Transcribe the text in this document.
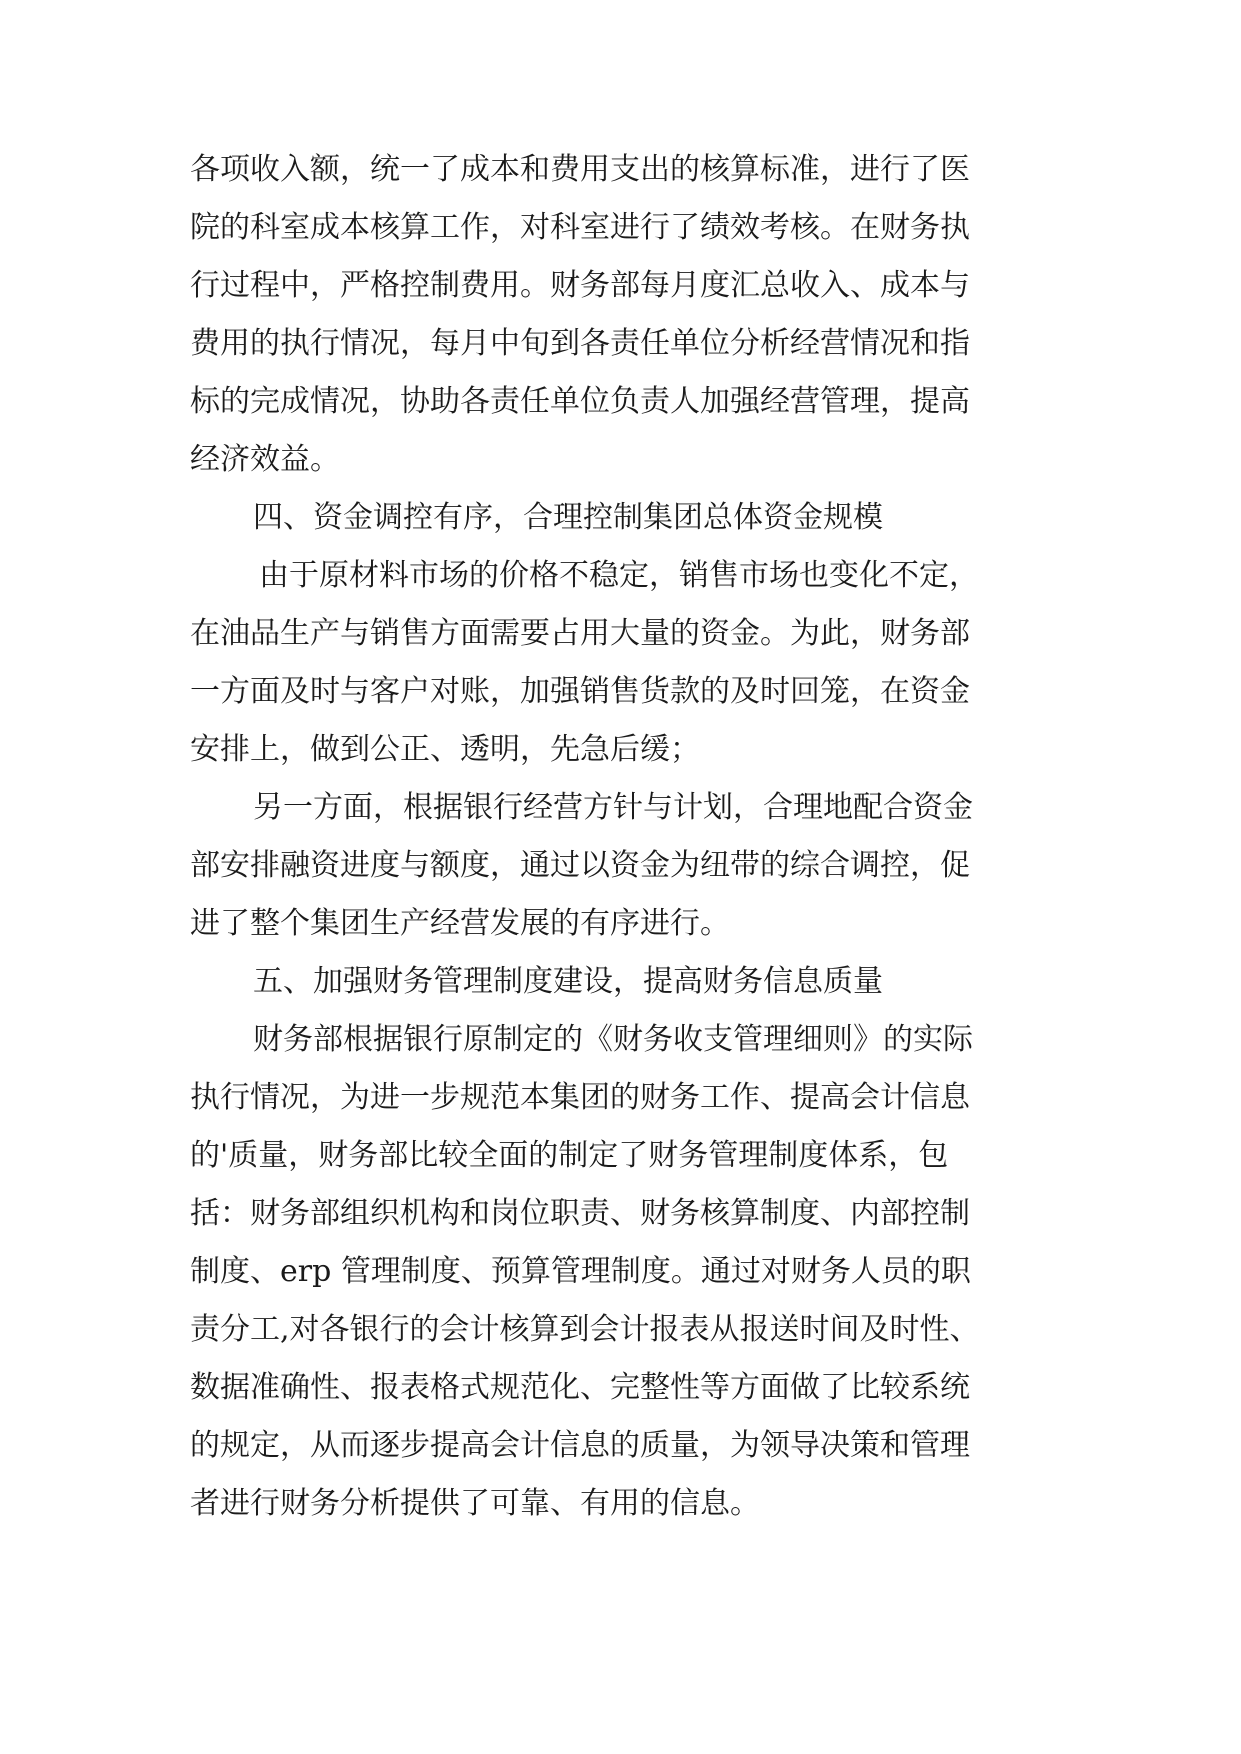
各项收入额，统一了成本和费用支出的核算标准，进行了医

院的科室成本核算工作，对科室进行了绩效考核。在财务执

行过程中，严格控制费用。财务部每月度汇总收入、成本与

费用的执行情况，每月中旬到各责任单位分析经营情况和指

标的完成情况，协助各责任单位负责人加强经营管理，提高

经济效益。

四、资金调控有序，合理控制集团总体资金规模

由于原材料市场的价格不稳定，销售市场也变化不定，

在油品生产与销售方面需要占用大量的资金。为此，财务部

一方面及时与客户对账，加强销售货款的及时回笼，在资金

安排上，做到公正、透明，先急后缓；

另一方面，根据银行经营方针与计划，合理地配合资金

部安排融资进度与额度，通过以资金为纽带的综合调控，促

进了整个集团生产经营发展的有序进行。

五、加强财务管理制度建设，提高财务信息质量

财务部根据银行原制定的《财务收支管理细则》的实际

执行情况，为进一步规范本集团的财务工作、提高会计信息

的'质量，财务部比较全面的制定了财务管理制度体系，包

括：财务部组织机构和岗位职责、财务核算制度、内部控制

制度、erp 管理制度、预算管理制度。通过对财务人员的职

责分工,对各银行的会计核算到会计报表从报送时间及时性、

数据准确性、报表格式规范化、完整性等方面做了比较系统

的规定，从而逐步提高会计信息的质量，为领导决策和管理

者进行财务分析提供了可靠、有用的信息。
